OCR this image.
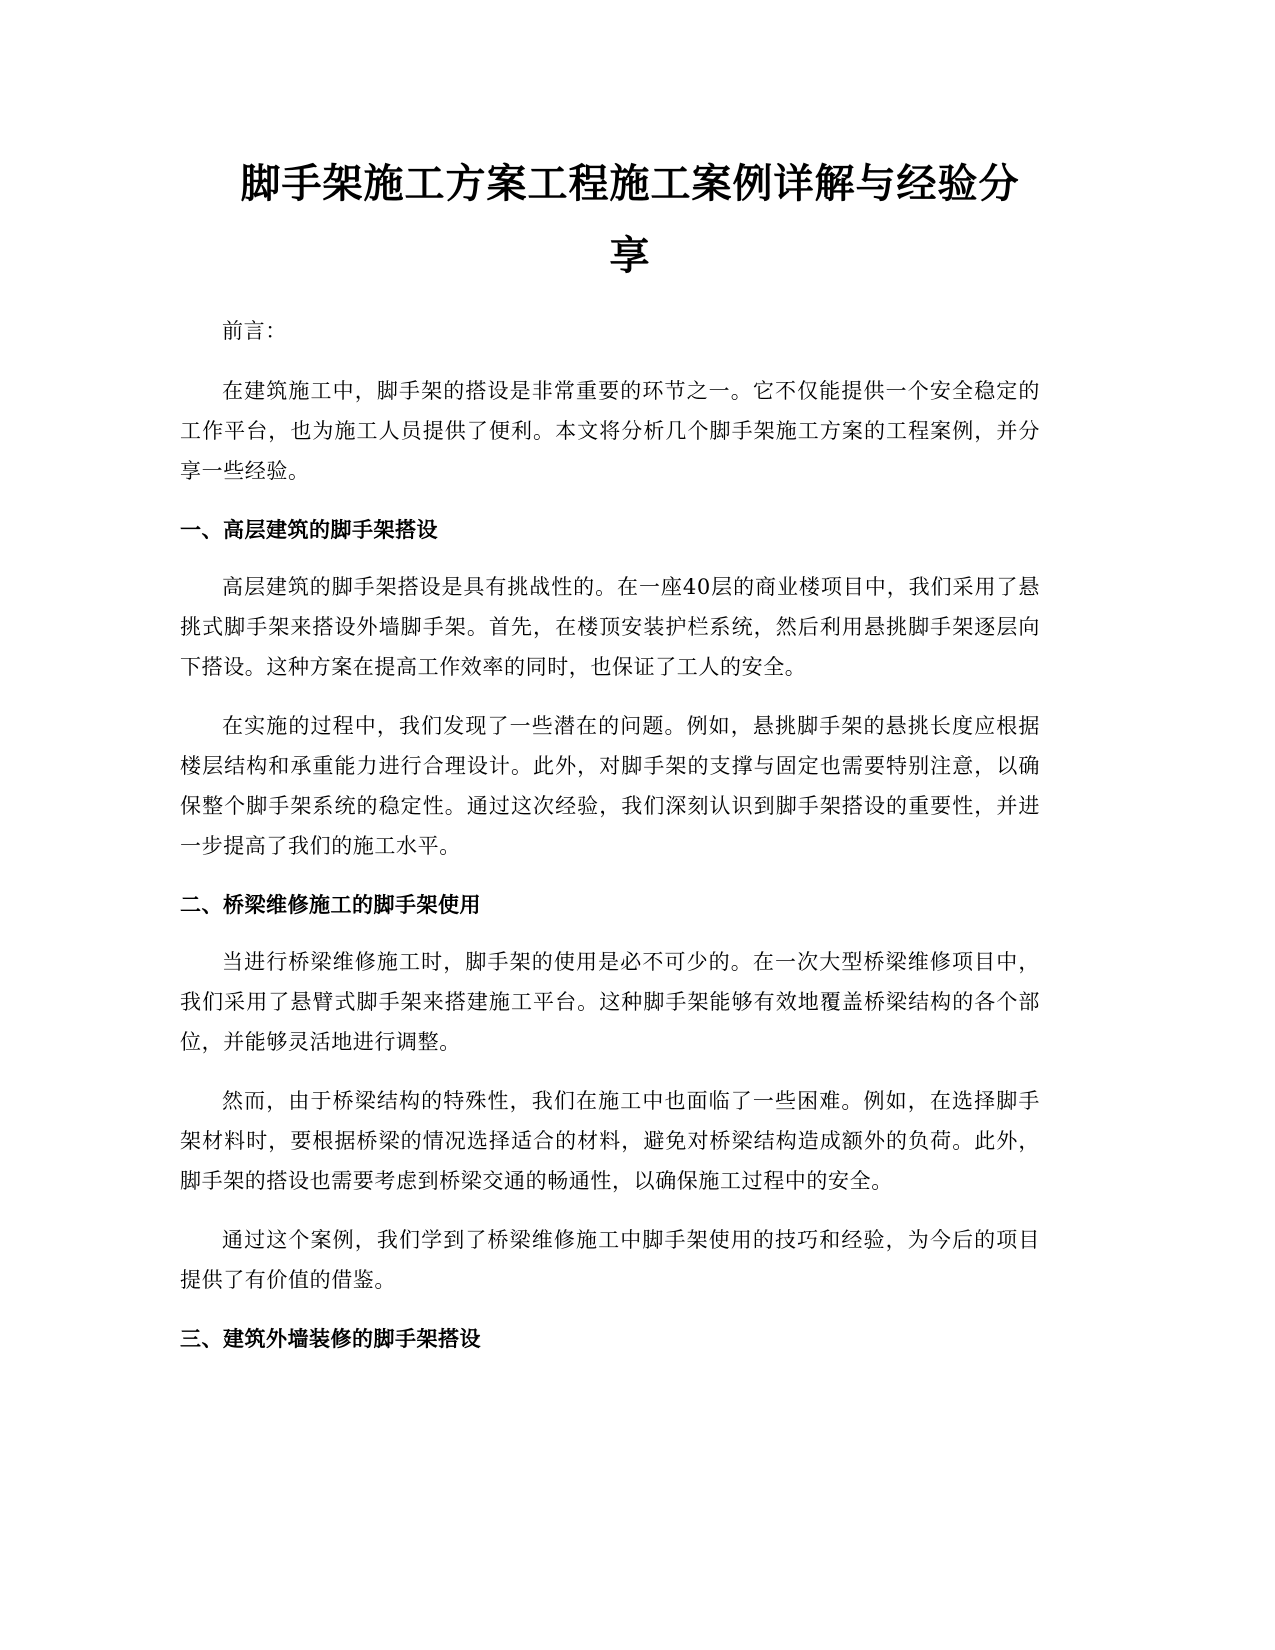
脚手架施工方案工程施工案例详解与经验分
享

前言：

在建筑施工中，脚手架的搭设是非常重要的环节之一。它不仅能提供一个安全稳定的工作平台，也为施工人员提供了便利。本文将分析几个脚手架施工方案的工程案例，并分享一些经验。

一、高层建筑的脚手架搭设

高层建筑的脚手架搭设是具有挑战性的。在一座40层的商业楼项目中，我们采用了悬挑式脚手架来搭设外墙脚手架。首先，在楼顶安装护栏系统，然后利用悬挑脚手架逐层向下搭设。这种方案在提高工作效率的同时，也保证了工人的安全。

在实施的过程中，我们发现了一些潜在的问题。例如，悬挑脚手架的悬挑长度应根据楼层结构和承重能力进行合理设计。此外，对脚手架的支撑与固定也需要特别注意，以确保整个脚手架系统的稳定性。通过这次经验，我们深刻认识到脚手架搭设的重要性，并进一步提高了我们的施工水平。

二、桥梁维修施工的脚手架使用

当进行桥梁维修施工时，脚手架的使用是必不可少的。在一次大型桥梁维修项目中，我们采用了悬臂式脚手架来搭建施工平台。这种脚手架能够有效地覆盖桥梁结构的各个部位，并能够灵活地进行调整。

然而，由于桥梁结构的特殊性，我们在施工中也面临了一些困难。例如，在选择脚手架材料时，要根据桥梁的情况选择适合的材料，避免对桥梁结构造成额外的负荷。此外，脚手架的搭设也需要考虑到桥梁交通的畅通性，以确保施工过程中的安全。

通过这个案例，我们学到了桥梁维修施工中脚手架使用的技巧和经验，为今后的项目提供了有价值的借鉴。

三、建筑外墙装修的脚手架搭设
